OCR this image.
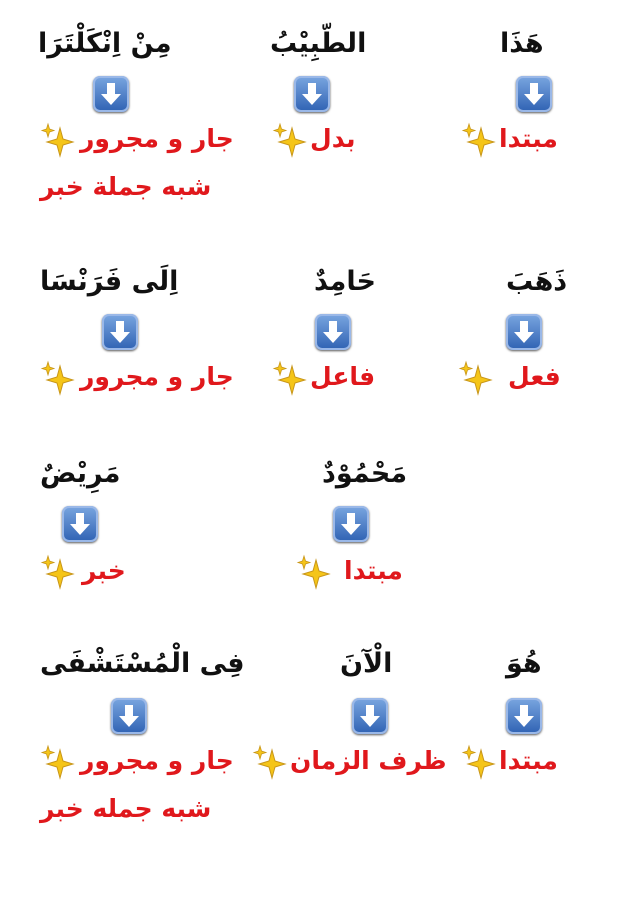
هَذَا
الطّبِيْبُ
مِنْ اِنْكَلْتَرَا
مبتدا
بدل
جار و مجرور
شبه جملة خبر
ذَهَبَ
حَامِدٌ
اِلَى فَرَنْسَا
فعل
فاعل
جار و مجرور
مَحْمُوْدٌ
مَرِيْضٌ
مبتدا
خبر
هُوَ
الْآنَ
فِى الْمُسْتَشْفَى
مبتدا
ظرف الزمان
جار و مجرور
شبه جمله خبر
